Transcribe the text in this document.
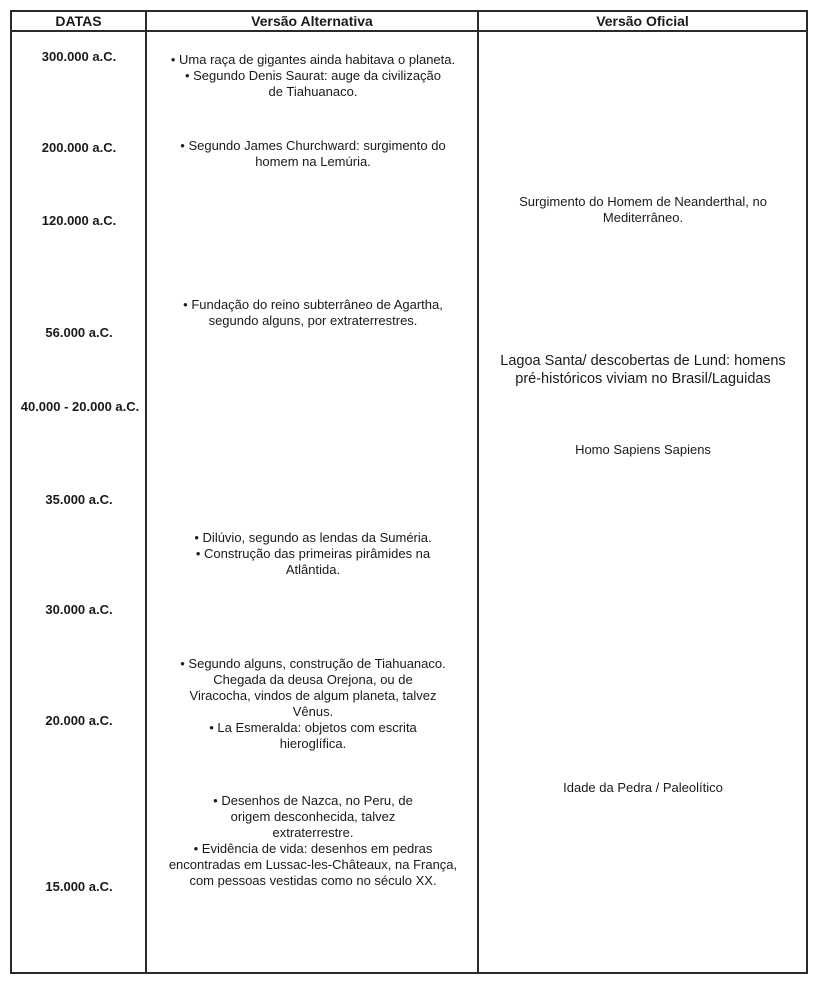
DATAS	Versão Alternativa	Versão Oficial
300.000 a.C.
200.000 a.C.
120.000 a.C.
56.000 a.C.
40.000 - 20.000 a.C.
35.000 a.C.
30.000 a.C.
20.000 a.C.
15.000 a.C.

• Uma raça de gigantes ainda habitava o planeta.

• Segundo Denis Saurat: auge da civilização de Tiahuanaco.

• Segundo James Churchward: surgimento do homem na Lemúria.

• Fundação do reino subterrâneo de Agartha, segundo alguns, por extraterrestres.

• Dilúvio, segundo as lendas da Suméria.

• Construção das primeiras pirâmides na Atlântida.

• Segundo alguns, construção de Tiahuanaco.

Chegada da deusa Orejona, ou de Viracocha, vindos de algum planeta, talvez Vênus.

• La Esmeralda: objetos com escrita hieroglífica.

• Desenhos de Nazca, no Peru, de origem desconhecida, talvez extraterrestre.

• Evidência de vida: desenhos em pedras encontradas em Lussac-les-Châteaux, na França, com pessoas vestidas como no século XX.

Surgimento do Homem de Neanderthal, no Mediterrâneo.
Lagoa Santa/ descobertas de Lund: homens pré-históricos viviam no Brasil/Laguidas
Homo Sapiens Sapiens
Idade da Pedra / Paleolítico
